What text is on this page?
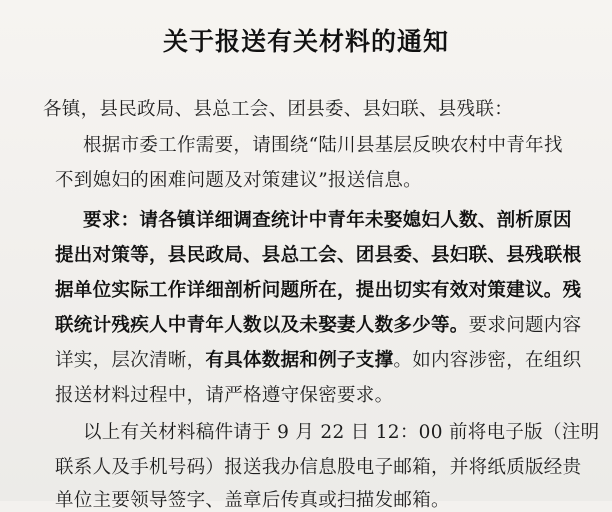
关于报送有关材料的通知
各镇，县民政局、县总工会、团县委、县妇联、县残联：
根据市委工作需要，请围绕“陆川县基层反映农村中青年找
不到媳妇的困难问题及对策建议”报送信息。
要求：请各镇详细调查统计中青年未娶媳妇人数、剖析原因
提出对策等，县民政局、县总工会、团县委、县妇联、县残联根
据单位实际工作详细剖析问题所在，提出切实有效对策建议。残
联统计残疾人中青年人数以及未娶妻人数多少等。要求问题内容
详实，层次清晰，有具体数据和例子支撑。如内容涉密，在组织
报送材料过程中，请严格遵守保密要求。
以上有关材料稿件请于 9 月 22 日 12：00 前将电子版（注明
联系人及手机号码）报送我办信息股电子邮箱，并将纸质版经贵
单位主要领导签字、盖章后传真或扫描发邮箱。
